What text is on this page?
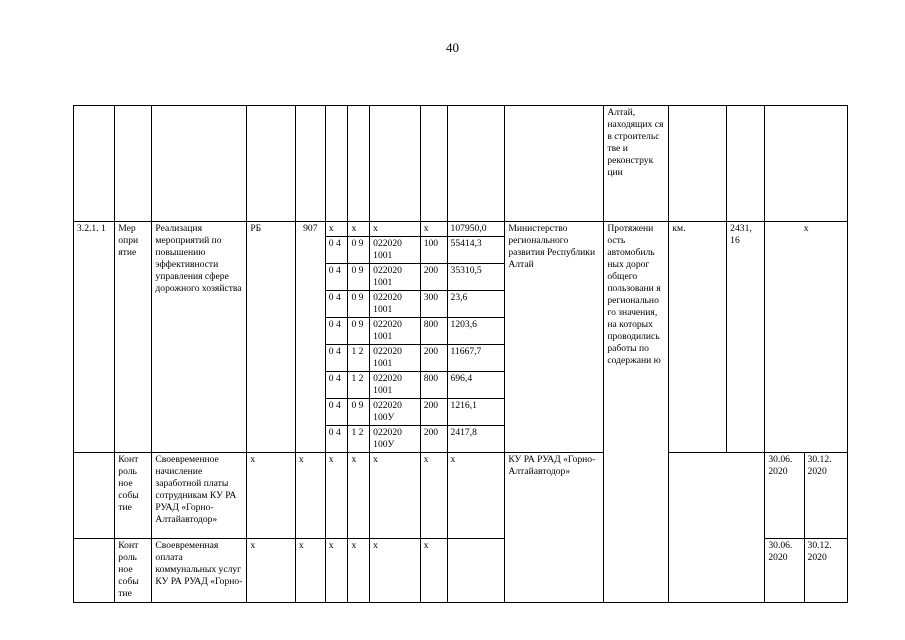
40
											Алтай, находящих ся в строительс тве и реконструк ции				
3.2.1. 1	Мер опри ятие	Реализация мероприятий по повышению эффективности управления сфере дорожного хозяйства	РБ	907	х	х	х	х	107950,0	Министерство регионального развития Республики Алтай	Протяжени ость автомобиль ных дорог общего пользовани я регионально го значения, на которых проводились работы по содержани ю	км.	2431, 16	х	
					0 4	0 9	022020 1001	100	55414,3						
					0 4	0 9	022020 1001	200	35310,5						
					0 4	0 9	022020 1001	300	23,6						
					0 4	0 9	022020 1001	800	1203,6						
					0 4	1 2	022020 1001	200	11667,7						
					0 4	1 2	022020 1001	800	696,4						
					0 4	0 9	022020 100У	200	1216,1						
					0 4	1 2	022020 100У	200	2417,8						
	Конт роль ное собы тие	Своевременное начисление заработной платы сотрудникам КУ РА РУАД «Горно-Алтайавтодор»	х	х	х	х	х	х	х	КУ РА РУАД «Горно-Алтайавтодор»				30.06. 2020	30.12. 2020
	Конт роль ное собы тие	Своевременная оплата коммунальных услуг КУ РА РУАД «Горно-	х	х	х	х	х	х						30.06. 2020	30.12. 2020
